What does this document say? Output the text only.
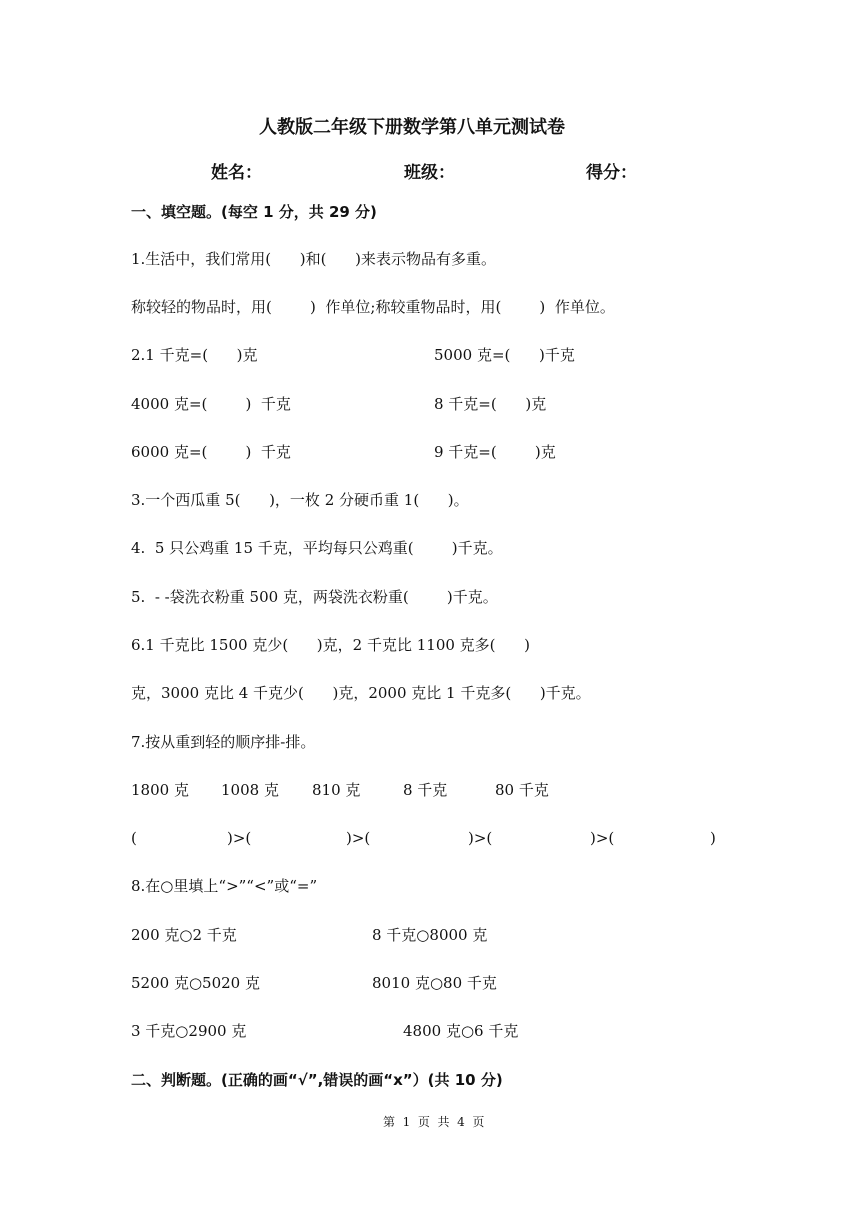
人教版二年级下册数学第八单元测试卷
姓名：	班级：	得分：
一、填空题。(每空 1 分，共 29 分)
1.生活中，我们常用(      )和(      )来表示物品有多重。
称较轻的物品时，用(        )  作单位;称较重物品时，用(        )  作单位。
2.1 千克=(      )克	5000 克=(      )千克
4000 克=(        )  千克	8 千克=(      )克
6000 克=(        )  千克	9 千克=(        )克
3.一个西瓜重 5(      )，一枚 2 分硬币重 1(      )。
4.  5 只公鸡重 15 千克，平均每只公鸡重(        )千克。
5.  - -袋洗衣粉重 500 克，两袋洗衣粉重(        )千克。
6.1 千克比 1500 克少(      )克，2 千克比 1100 克多(      )
克，3000 克比 4 千克少(      )克，2000 克比 1 千克多(      )千克。
7.按从重到轻的顺序排-排。
1800 克 1008 克 810 克	8 千克	80 千克
(	)>(	)>(	)>(	)>(	)
8.在○里填上“>”“<”或“=”
200 克○2 千克	8 千克○8000 克
5200 克○5020 克	8010 克○80 千克
3 千克○2900 克	4800 克○6 千克
二、判断题。(正确的画“√”,错误的画“x”）(共 10 分)
第  1  页  共  4  页
